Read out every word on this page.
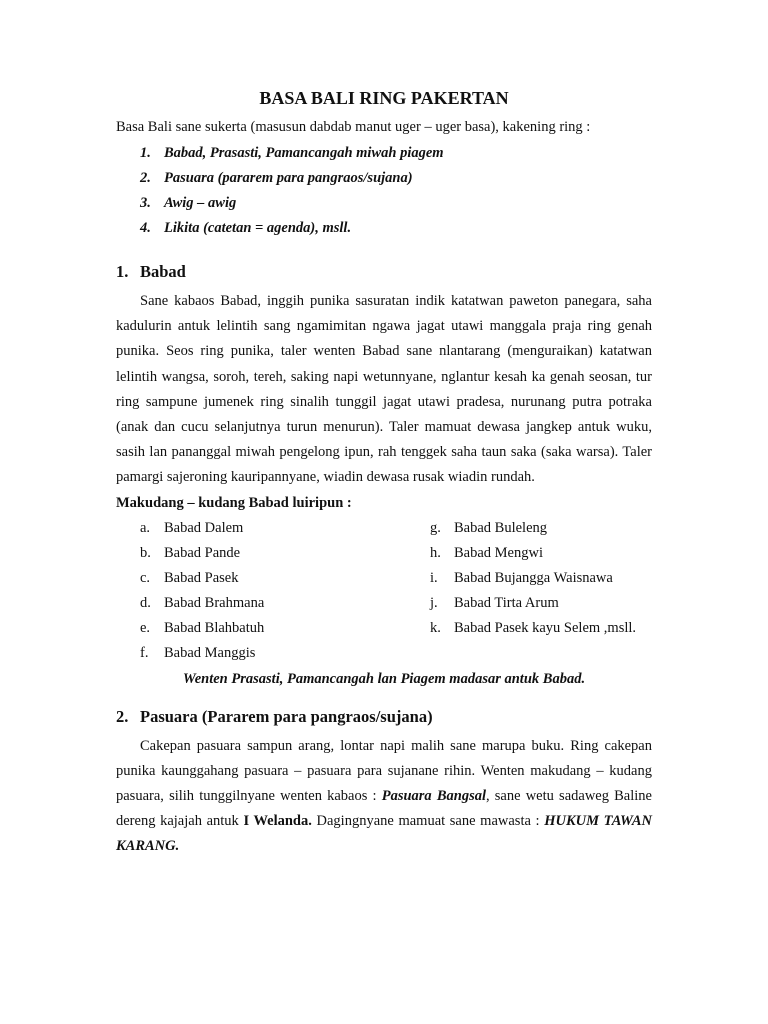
BASA BALI RING PAKERTAN

Basa Bali sane sukerta (masusun dabdab manut uger – uger basa), kakening ring :

1. Babad, Prasasti, Pamancangah miwah piagem
2. Pasuara (pararem para pangraos/sujana)
3. Awig – awig
4. Likita (catetan = agenda), msll.
1. Babad

Sane kabaos Babad, inggih punika sasuratan indik katatwan paweton panegara, saha kadulurin antuk lelintih sang ngamimitan ngawa jagat utawi manggala praja ring genah punika. Seos ring punika, taler wenten Babad sane nlantarang (menguraikan) katatwan lelintih wangsa, soroh, tereh, saking napi wetunnyane, nglantur kesah ka genah seosan, tur ring sampune jumenek ring sinalih tunggil jagat utawi pradesa, nurunang putra potraka (anak dan cucu selanjutnya turun menurun). Taler mamuat dewasa jangkep antuk wuku, sasih lan pananggal miwah pengelong ipun, rah tenggek saha taun saka (saka warsa). Taler pamargi sajeroning kauripannyane, wiadin dewasa rusak wiadin rundah.

Makudang – kudang Babad luiripun :

a. Babad Dalem
b. Babad Pande
c. Babad Pasek
d. Babad Brahmana
e. Babad Blahbatuh
f.	Babad Manggis
g. Babad Buleleng
h. Babad Mengwi
i.	Babad Bujangga Waisnawa
j.	Babad Tirta Arum
k. Babad Pasek kayu Selem ,msll.

Wenten Prasasti, Pamancangah lan Piagem madasar antuk Babad.

2. Pasuara (Pararem para pangraos/sujana)

Cakepan pasuara sampun arang, lontar napi malih sane marupa buku. Ring cakepan punika kaunggahang pasuara – pasuara para sujanane rihin. Wenten makudang – kudang pasuara, silih tunggilnyane wenten kabaos : Pasuara Bangsal, sane wetu sadaweg Baline dereng kajajah antuk I Welanda. Dagingnyane mamuat sane mawasta : HUKUM TAWAN KARANG.
